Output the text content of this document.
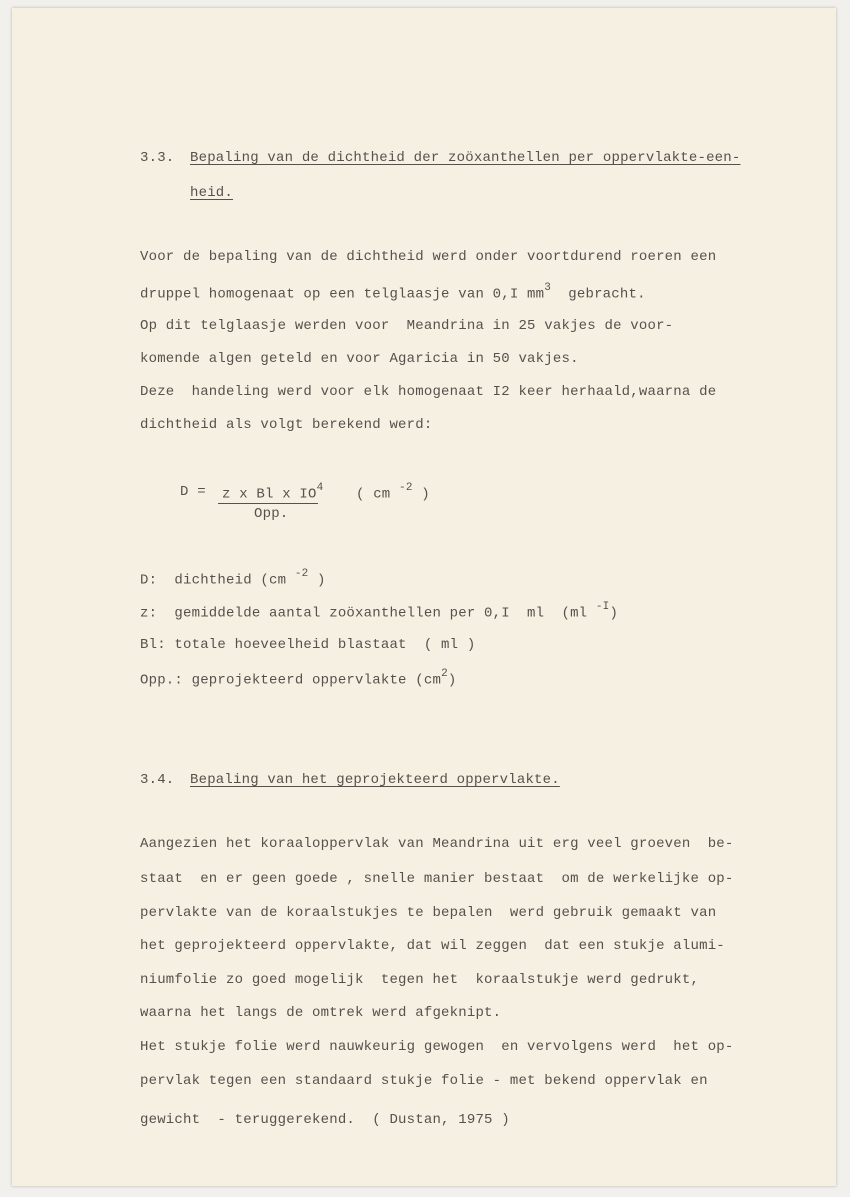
3.3. Bepaling van de dichtheid der zoöxanthellen per oppervlakte-een-
heid.
Voor de bepaling van de dichtheid werd onder voortdurend roeren een
druppel homogenaat op een telglaasje van 0,I $mm^3$  gebracht.
Op dit telglaasje werden voor  Meandrina in 25 vakjes de voor-
komende algen geteld en voor Agaricia in 50 vakjes.
Deze  handeling werd voor elk homogenaat I2 keer herhaald,waarna de
dichtheid als volgt berekend werd:
D = z x Bl x $IO^4$
Opp.
( cm $^{-2}$ )
D:  dichtheid (cm $^{-2}$ )
z:  gemiddelde aantal zoöxanthellen per 0,I  ml  (ml $^{-I}$)
Bl: totale hoeveelheid blastaat  ( ml )
Opp.: geprojekteerd oppervlakte $(cm^2)$
3.4. Bepaling van het geprojekteerd oppervlakte.
Aangezien het koraaloppervlak van Meandrina uit erg veel groeven  be-
staat  en er geen goede , snelle manier bestaat  om de werkelijke op-
pervlakte van de koraalstukjes te bepalen  werd gebruik gemaakt van
het geprojekteerd oppervlakte, dat wil zeggen  dat een stukje alumi-
niumfolie zo goed mogelijk  tegen het  koraalstukje werd gedrukt,
waarna het langs de omtrek werd afgeknipt.
Het stukje folie werd nauwkeurig gewogen  en vervolgens werd  het op-
pervlak tegen een standaard stukje folie - met bekend oppervlak en
gewicht  - teruggerekend.  ( Dustan, 1975 )
